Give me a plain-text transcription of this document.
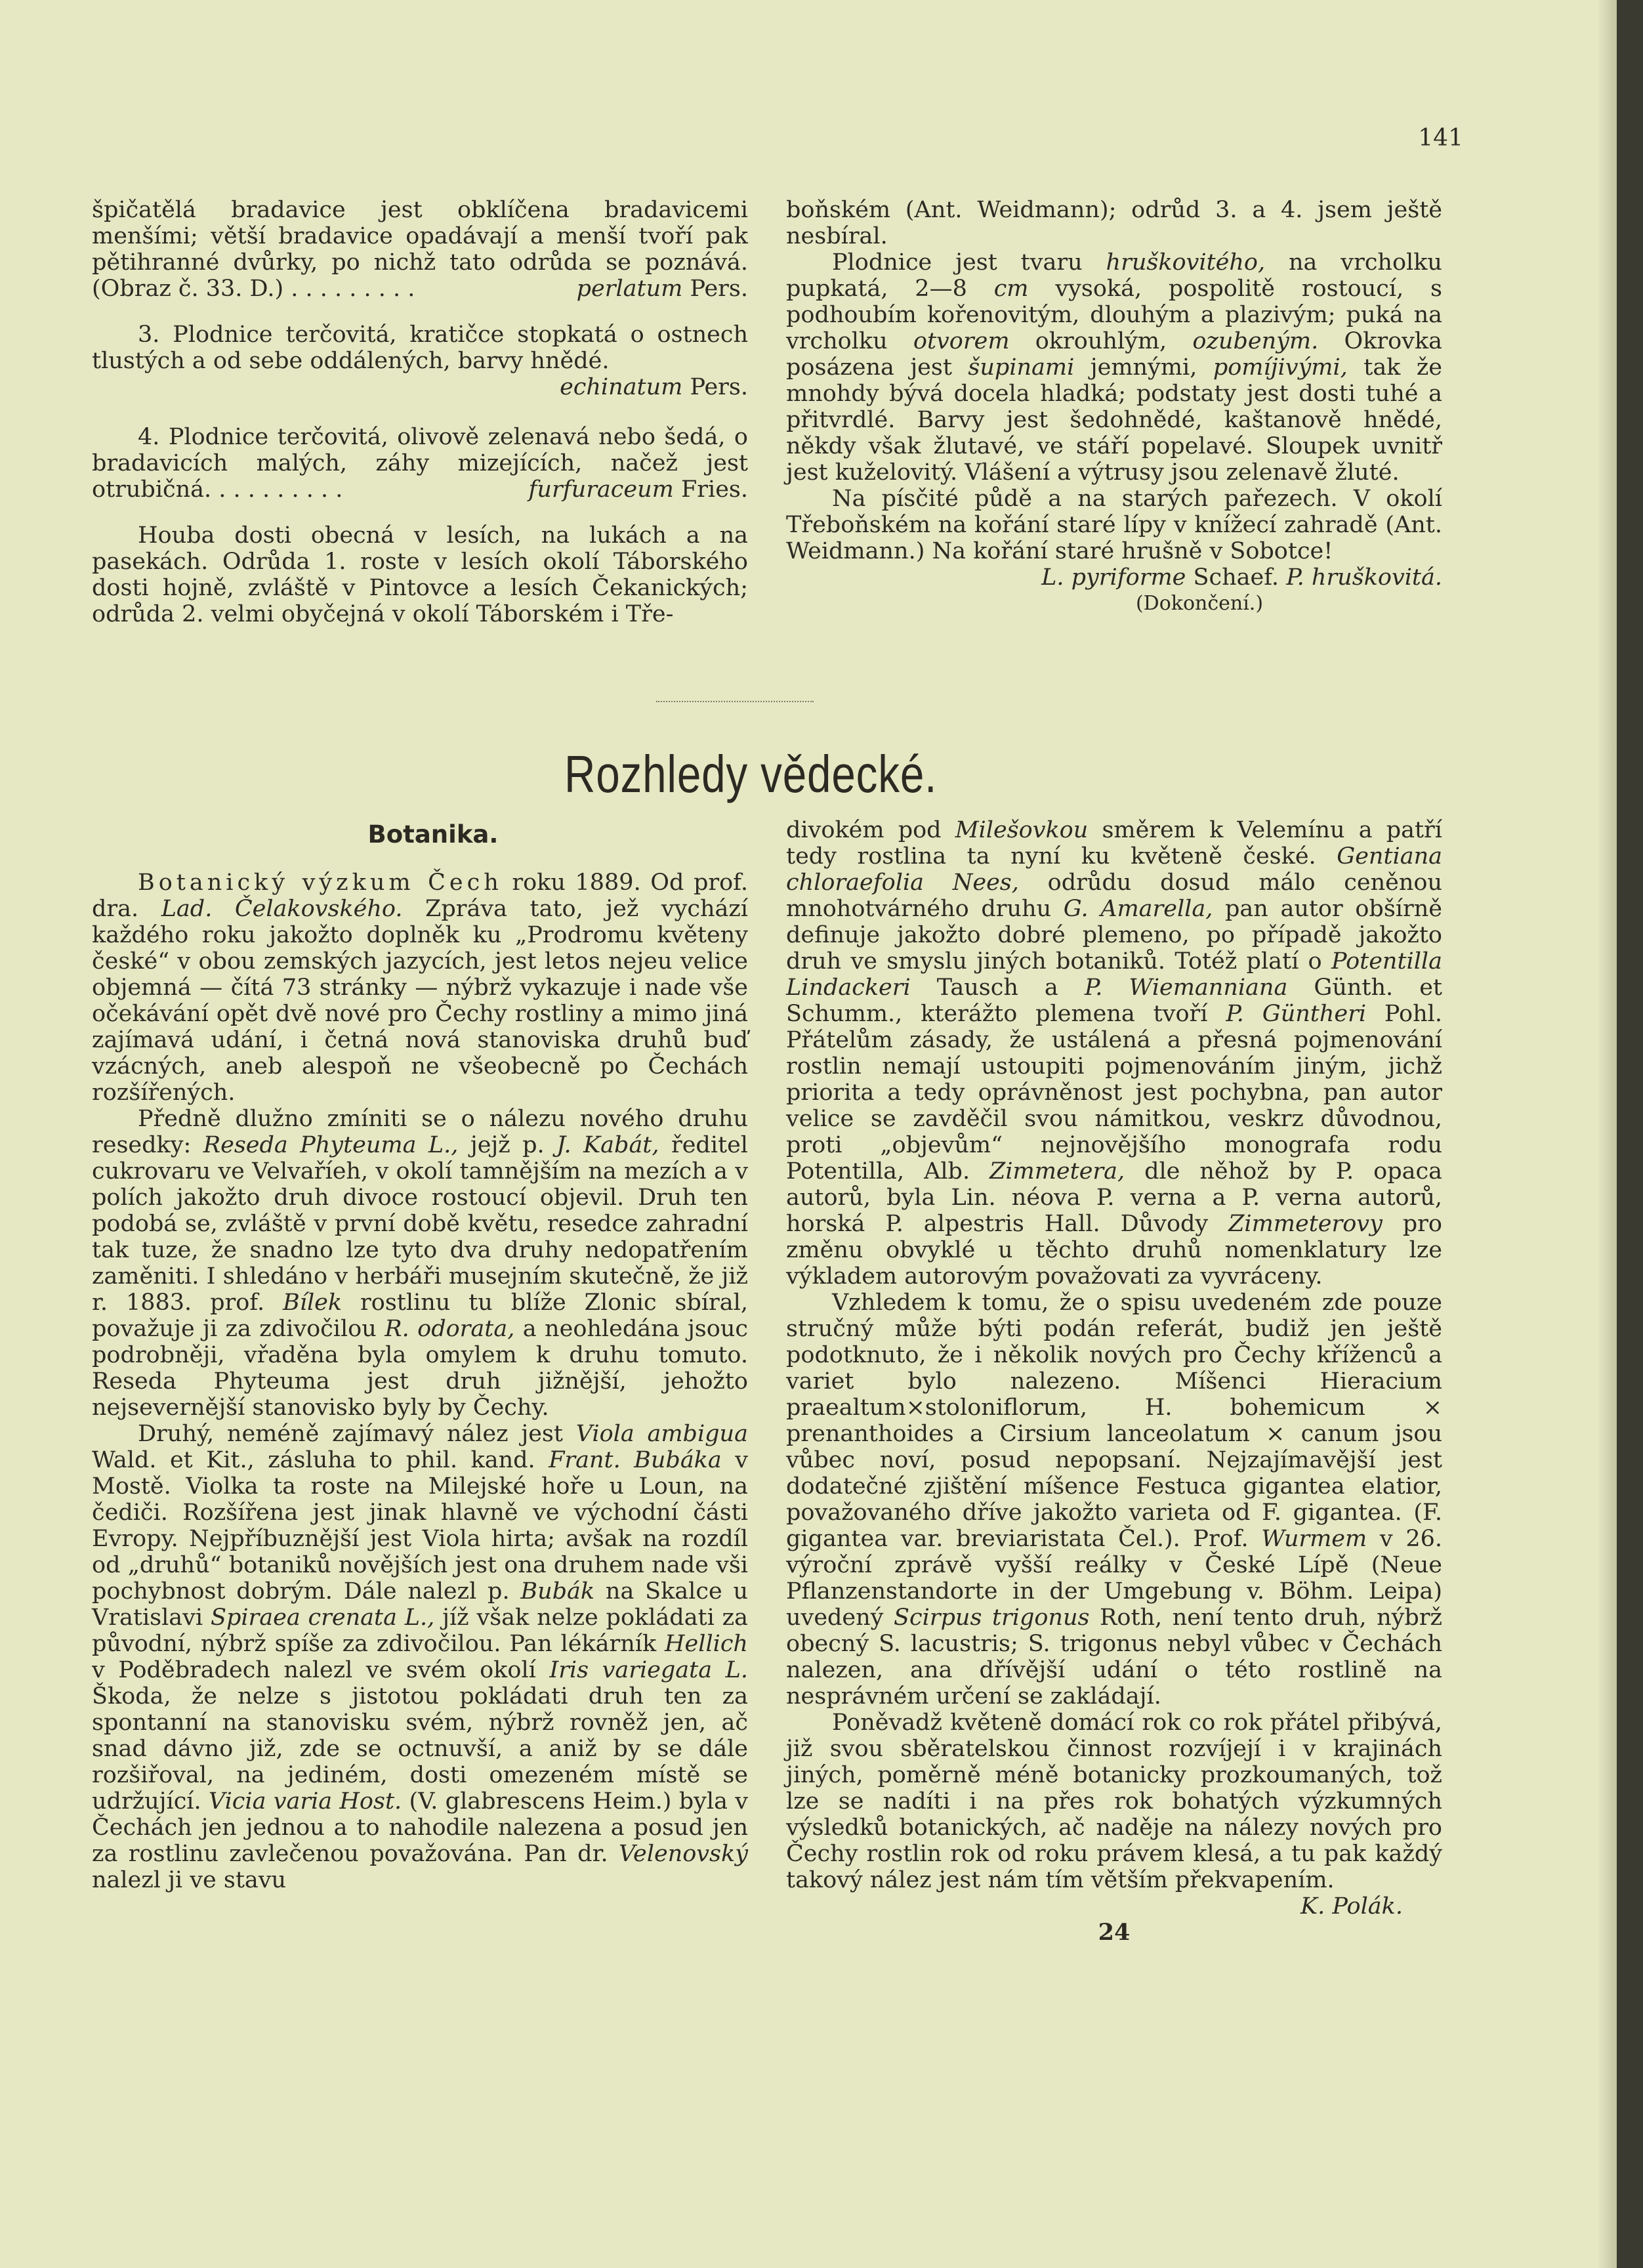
141

špičatělá bradavice jest obklíčena bradavicemi menšími; větší bradavice opadávají a menší tvoří pak pětihranné dvůrky, po nichž tato odrůda se poznává. (Obraz č. 33. D.) . . . . . . . . .	perlatum Pers.

3. Plodnice terčovitá, kratičce stopkatá o ostnech tlustých a od sebe oddálených, barvy hnědé.

echinatum Pers.

4. Plodnice terčovitá, olivově zelenavá nebo šedá, o bradavicích malých, záhy mizejících, načež jest otrubičná. . . . . . . . . .	furfuraceum Fries.

Houba dosti obecná v lesích, na lukách a na pasekách. Odrůda 1. roste v lesích okolí Táborského dosti hojně, zvláště v Pintovce a lesích Čekanických; odrůda 2. velmi obyčejná v okolí Táborském i Tře-

boňském (Ant. Weidmann); odrůd 3. a 4. jsem ještě nesbíral.

Plodnice jest tvaru hruškovitého, na vrcholku pupkatá, 2—8 cm vysoká, pospolitě rostoucí, s podhoubím kořenovitým, dlouhým a plazivým; puká na vrcholku otvorem okrouhlým, ozubeným. Okrovka posázena jest šupinami jemnými, pomíjivými, tak že mnohdy bývá docela hladká; podstaty jest dosti tuhé a přitvrdlé. Barvy jest šedohnědé, kaštanově hnědé, někdy však žlutavé, ve stáří popelavé. Sloupek uvnitř jest kuželovitý. Vlášení a výtrusy jsou zelenavě žluté.

Na písčité půdě a na starých pařezech. V okolí Třeboňském na kořání staré lípy v knížecí zahradě (Ant. Weidmann.) Na kořání staré hrušně v Sobotce!

L. pyriforme Schaef. P. hruškovitá.

(Dokončení.)

Rozhledy vědecké.
Botanika.

Botanický výzkum Čech roku 1889. Od prof. dra. Lad. Čelakovského. Zpráva tato, jež vychází každého roku jakožto doplněk ku „Prodromu květeny české“ v obou zemských jazycích, jest letos nejeu velice objemná — čítá 73 stránky — nýbrž vykazuje i nade vše očekávání opět dvě nové pro Čechy rostliny a mimo jiná zajímavá udání, i četná nová stanoviska druhů buď vzácných, aneb alespoň ne všeobecně po Čechách rozšířených.

Předně dlužno zmíniti se o nálezu nového druhu resedky: Reseda Phyteuma L., jejž p. J. Kabát, ředitel cukrovaru ve Velvaříeh, v okolí tamnějším na mezích a v polích jakožto druh divoce rostoucí objevil. Druh ten podobá se, zvláště v první době květu, resedce zahradní tak tuze, že snadno lze tyto dva druhy nedopatřením zaměniti. I shledáno v herbáři musejním skutečně, že již r. 1883. prof. Bílek rostlinu tu blíže Zlonic sbíral, považuje ji za zdivočilou R. odorata, a neohledána jsouc podrobněji, vřaděna byla omylem k druhu tomuto. Reseda Phyteuma jest druh jižnější, jehožto nejsevernější stanovisko byly by Čechy.

Druhý, neméně zajímavý nález jest Viola ambigua Wald. et Kit., zásluha to phil. kand. Frant. Bubáka v Mostě. Violka ta roste na Milejské hoře u Loun, na čediči. Rozšířena jest jinak hlavně ve východní části Evropy. Nejpříbuznější jest Viola hirta; avšak na rozdíl od „druhů“ botaniků novějších jest ona druhem nade vši pochybnost dobrým. Dále nalezl p. Bubák na Skalce u Vratislavi Spiraea crenata L., jíž však nelze pokládati za původní, nýbrž spíše za zdivočilou. Pan lékárník Hellich v Poděbradech nalezl ve svém okolí Iris variegata L. Škoda, že nelze s jistotou pokládati druh ten za spontanní na stanovisku svém, nýbrž rovněž jen, ač snad dávno již, zde se octnuvší, a aniž by se dále rozšiřoval, na jediném, dosti omezeném místě se udržující. Vicia varia Host. (V. glabrescens Heim.) byla v Čechách jen jednou a to nahodile nalezena a posud jen za rostlinu zavlečenou považována. Pan dr. Velenovský nalezl ji ve stavu

divokém pod Milešovkou směrem k Velemínu a patří tedy rostlina ta nyní ku květeně české. Gentiana chloraefolia Nees, odrůdu dosud málo ceněnou mnohotvárného druhu G. Amarella, pan autor obšírně definuje jakožto dobré plemeno, po případě jakožto druh ve smyslu jiných botaniků. Totéž platí o Potentilla Lindackeri Tausch a P. Wiemanniana Günth. et Schumm., kterážto plemena tvoří P. Güntheri Pohl. Přátelům zásady, že ustálená a přesná pojmenování rostlin nemají ustoupiti pojmenováním jiným, jichž priorita a tedy oprávněnost jest pochybna, pan autor velice se zavděčil svou námitkou, veskrz důvodnou, proti „objevům“ nejnovějšího monografa rodu Potentilla, Alb. Zimmetera, dle něhož by P. opaca autorů, byla Lin. néova P. verna a P. verna autorů, horská P. alpestris Hall. Důvody Zimmeterovy pro změnu obvyklé u těchto druhů nomenklatury lze výkladem autorovým považovati za vyvráceny.

Vzhledem k tomu, že o spisu uvedeném zde pouze stručný může býti podán referát, budiž jen ještě podotknuto, že i několik nových pro Čechy kříženců a variet bylo nalezeno. Míšenci Hieracium praealtum×stoloniflorum, H. bohemicum	× prenanthoides a Cirsium lanceolatum × canum jsou vůbec noví, posud nepopsaní. Nejzajímavější jest dodatečné zjištění míšence Festuca gigantea elatior, považovaného dříve jakožto varieta od F. gigantea. (F. gigantea var. breviaristata Čel.). Prof. Wurmem v 26. výroční zprávě vyšší reálky v České Lípě (Neue Pflanzenstandorte in der Umgebung v. Böhm. Leipa) uvedený Scirpus trigonus Roth, není tento druh, nýbrž obecný S. lacustris; S. trigonus nebyl vůbec v Čechách nalezen, ana dřívější udání o této rostlině na nesprávném určení se zakládají.

Poněvadž květeně domácí rok co rok přátel přibývá, již svou sběratelskou činnost rozvíjejí i v krajinách jiných, poměrně méně botanicky prozkoumaných, tož lze se nadíti i na přes rok bohatých výzkumných výsledků botanických, ač naděje na nálezy nových pro Čechy rostlin rok od roku právem klesá, a tu pak každý takový nález jest nám tím větším překvapením.

K. Polák.

24
